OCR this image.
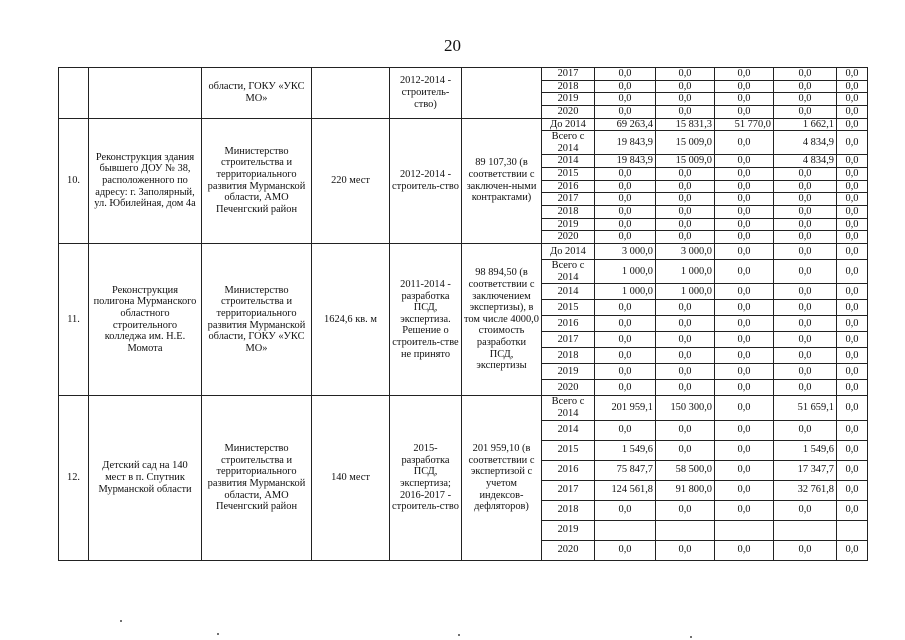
20
		области, ГОКУ «УКС МО»		2012-2014 - строитель-ство)		2017	0,0	0,0	0,0	0,0	0,0
						2018	0,0	0,0	0,0	0,0	0,0
						2019	0,0	0,0	0,0	0,0	0,0
						2020	0,0	0,0	0,0	0,0	0,0
10.	Реконструкция здания бывшего ДОУ № 38, расположенного по адресу: г. Заполярный, ул. Юбилейная, дом 4а	Министерство строительства и территориального развития Мурманской области, АМО Печенгский район	220 мест	2012-2014 - строитель-ство	89 107,30 (в соответствии с заключен-ными контрактами)	До 2014	69 263,4	15 831,3	51 770,0	1 662,1	0,0
						Всего с 2014	19 843,9	15 009,0	0,0	4 834,9	0,0
						2014	19 843,9	15 009,0	0,0	4 834,9	0,0
						2015	0,0	0,0	0,0	0,0	0,0
						2016	0,0	0,0	0,0	0,0	0,0
						2017	0,0	0,0	0,0	0,0	0,0
						2018	0,0	0,0	0,0	0,0	0,0
						2019	0,0	0,0	0,0	0,0	0,0
						2020	0,0	0,0	0,0	0,0	0,0
11.	Реконструкция полигона Мурманского областного строительного колледжа им. Н.Е. Момота	Министерство строительства и территориального развития Мурманской области, ГОКУ «УКС МО»	1624,6 кв. м	2011-2014 - разработка ПСД, экспертиза. Решение о строитель-стве не принято	98 894,50 (в соответствии с заключением экспертизы), в том числе 4000,0 стоимость разработки ПСД, экспертизы	До 2014	3 000,0	3 000,0	0,0	0,0	0,0
						Всего с 2014	1 000,0	1 000,0	0,0	0,0	0,0
						2014	1 000,0	1 000,0	0,0	0,0	0,0
						2015	0,0	0,0	0,0	0,0	0,0
						2016	0,0	0,0	0,0	0,0	0,0
						2017	0,0	0,0	0,0	0,0	0,0
						2018	0,0	0,0	0,0	0,0	0,0
						2019	0,0	0,0	0,0	0,0	0,0
						2020	0,0	0,0	0,0	0,0	0,0
12.	Детский сад на 140 мест в п. Спутник Мурманской области	Министерство строительства и территориального развития Мурманской области, АМО Печенгский район	140 мест	2015-разработка ПСД, экспертиза; 2016-2017 - строитель-ство	201 959,10 (в соответствии с экспертизой с учетом индексов-дефляторов)	Всего с 2014	201 959,1	150 300,0	0,0	51 659,1	0,0
						2014	0,0	0,0	0,0	0,0	0,0
						2015	1 549,6	0,0	0,0	1 549,6	0,0
						2016	75 847,7	58 500,0	0,0	17 347,7	0,0
						2017	124 561,8	91 800,0	0,0	32 761,8	0,0
						2018	0,0	0,0	0,0	0,0	0,0
						2019					
						2020	0,0	0,0	0,0	0,0	0,0
